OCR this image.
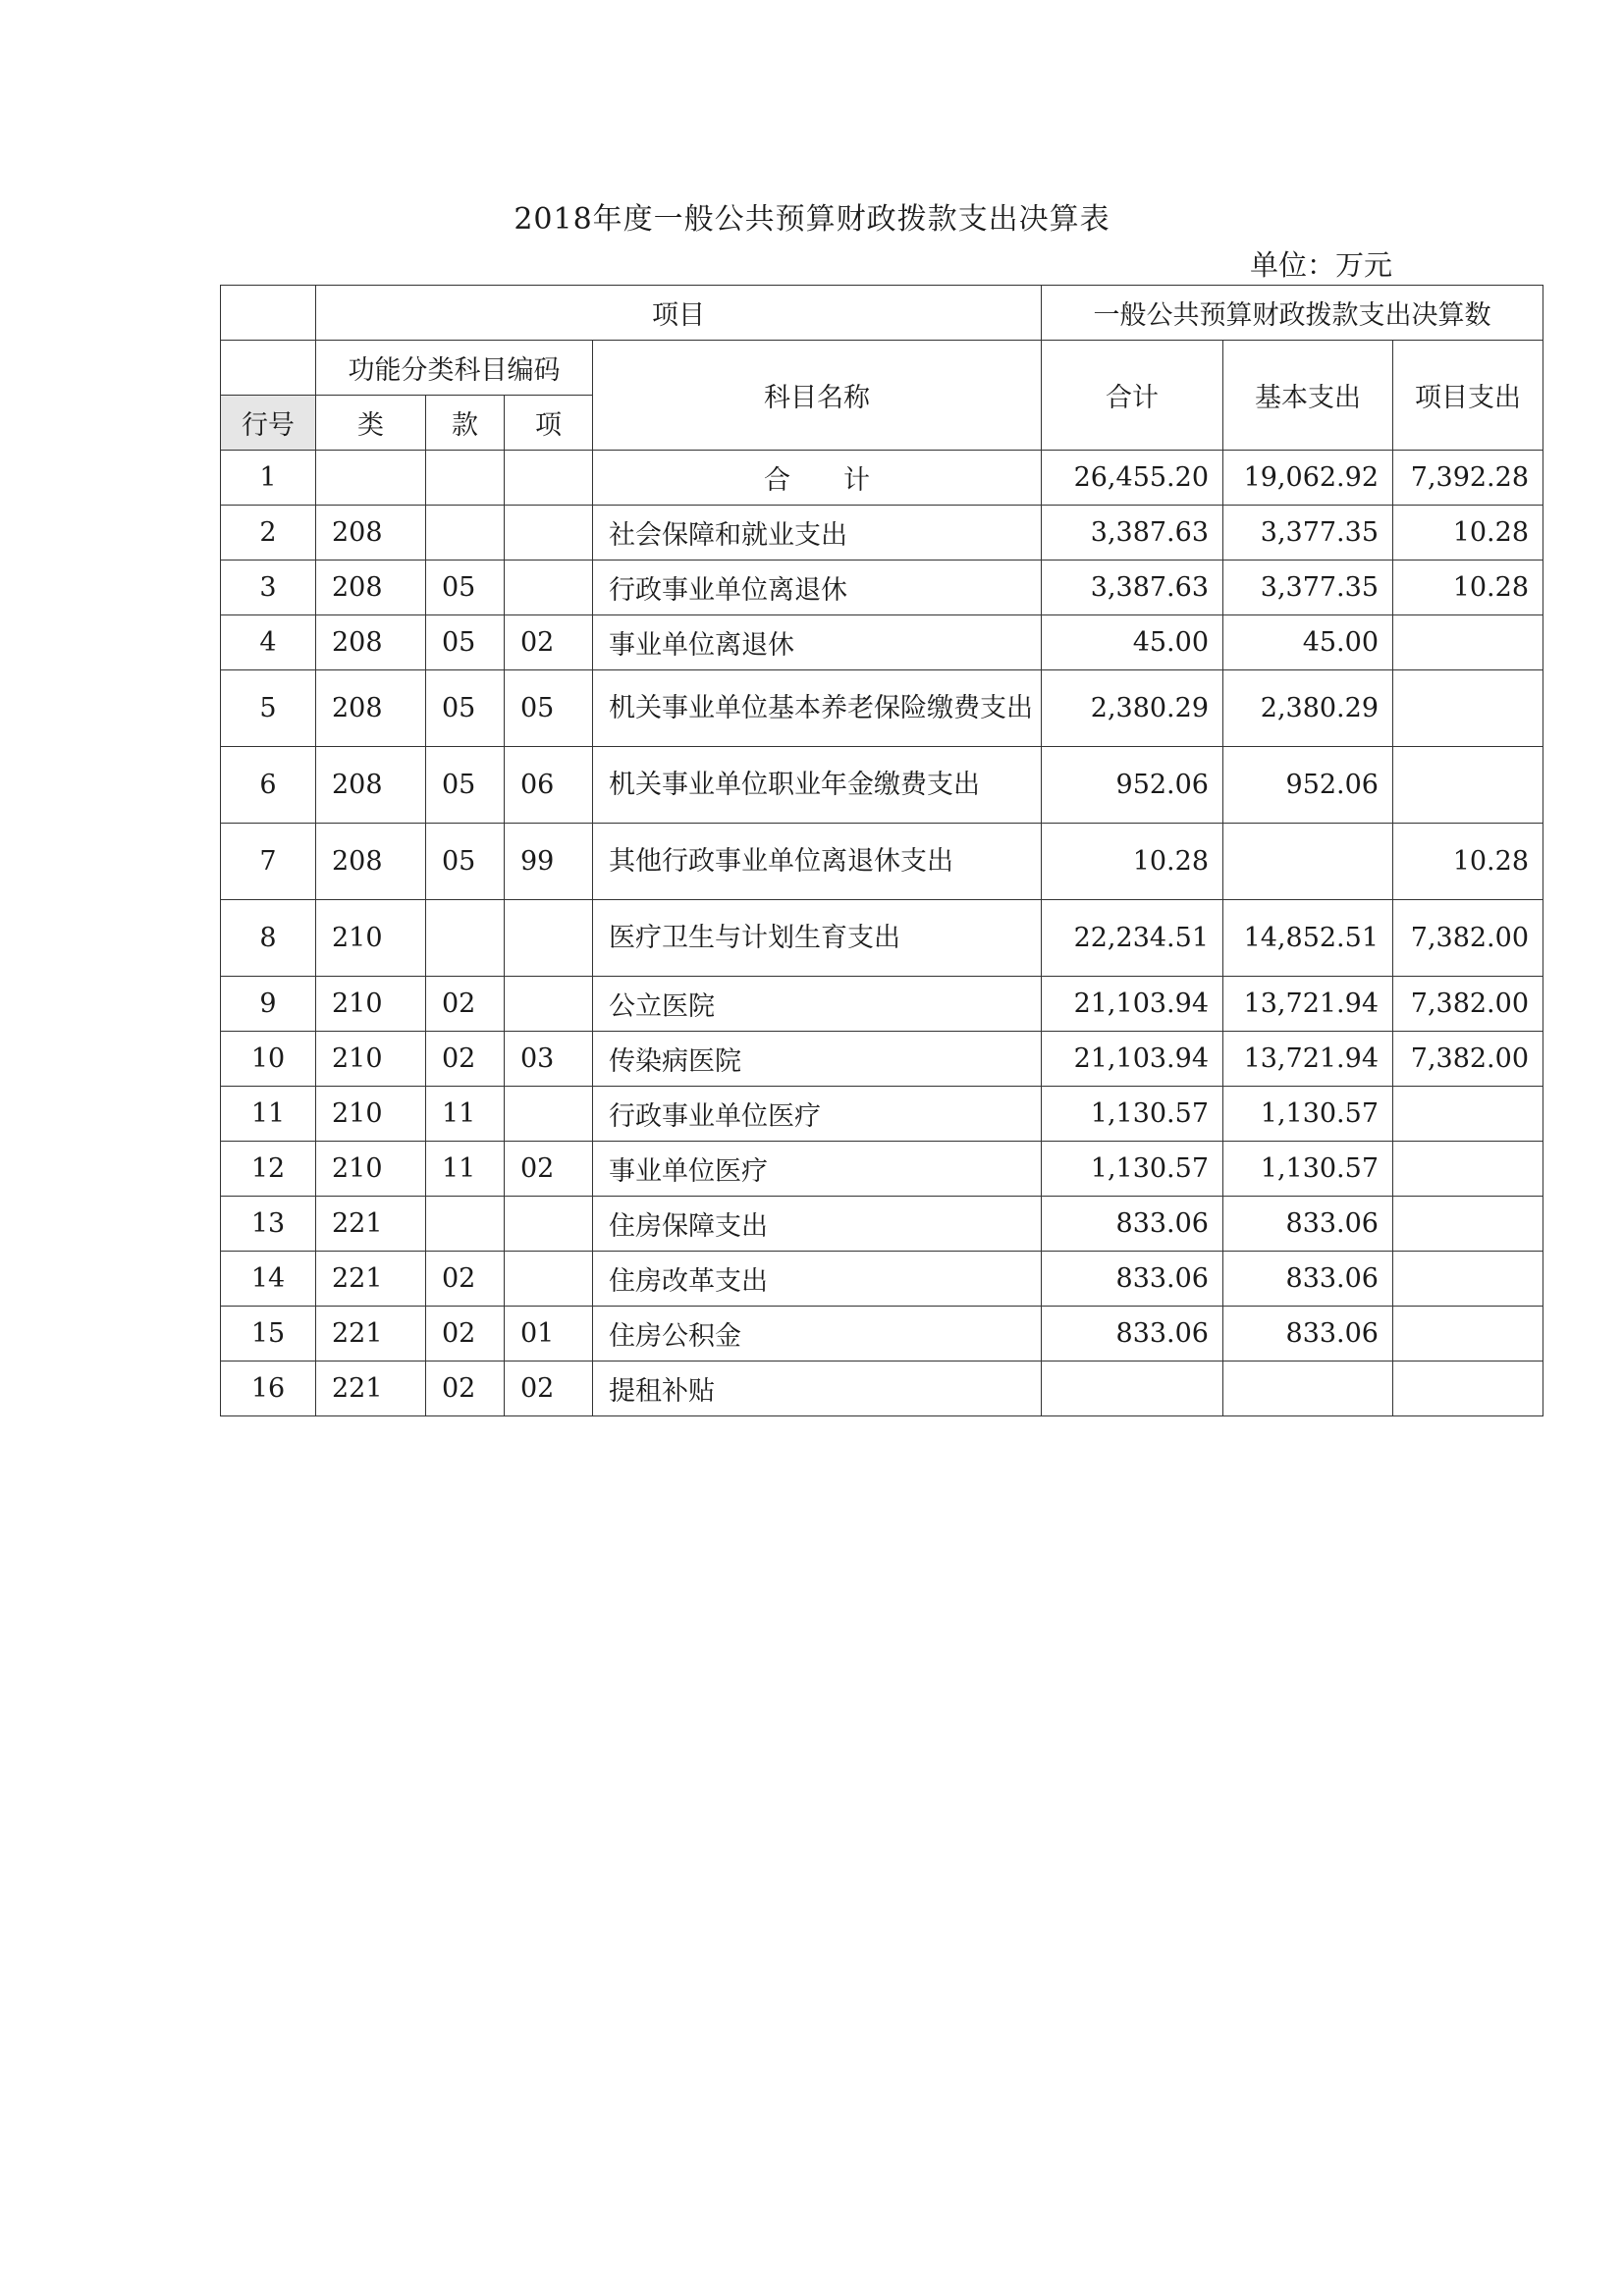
2018年度一般公共预算财政拨款支出决算表
单位：万元
	项目				一般公共预算财政拨款支出决算数		
	功能分类科目编码			科目名称	合计	基本支出	项目支出
行号	类	款	项				
1				合　　计	26,455.20	19,062.92	7,392.28
2	208			社会保障和就业支出	3,387.63	3,377.35	10.28
3	208	05		行政事业单位离退休	3,387.63	3,377.35	10.28
4	208	05	02	事业单位离退休	45.00	45.00	
5	208	05	05	机关事业单位基本养老保险缴费支出	2,380.29	2,380.29	
6	208	05	06	机关事业单位职业年金缴费支出	952.06	952.06	
7	208	05	99	其他行政事业单位离退休支出	10.28		10.28
8	210			医疗卫生与计划生育支出	22,234.51	14,852.51	7,382.00
9	210	02		公立医院	21,103.94	13,721.94	7,382.00
10	210	02	03	传染病医院	21,103.94	13,721.94	7,382.00
11	210	11		行政事业单位医疗	1,130.57	1,130.57	
12	210	11	02	事业单位医疗	1,130.57	1,130.57	
13	221			住房保障支出	833.06	833.06	
14	221	02		住房改革支出	833.06	833.06	
15	221	02	01	住房公积金	833.06	833.06	
16	221	02	02	提租补贴			
